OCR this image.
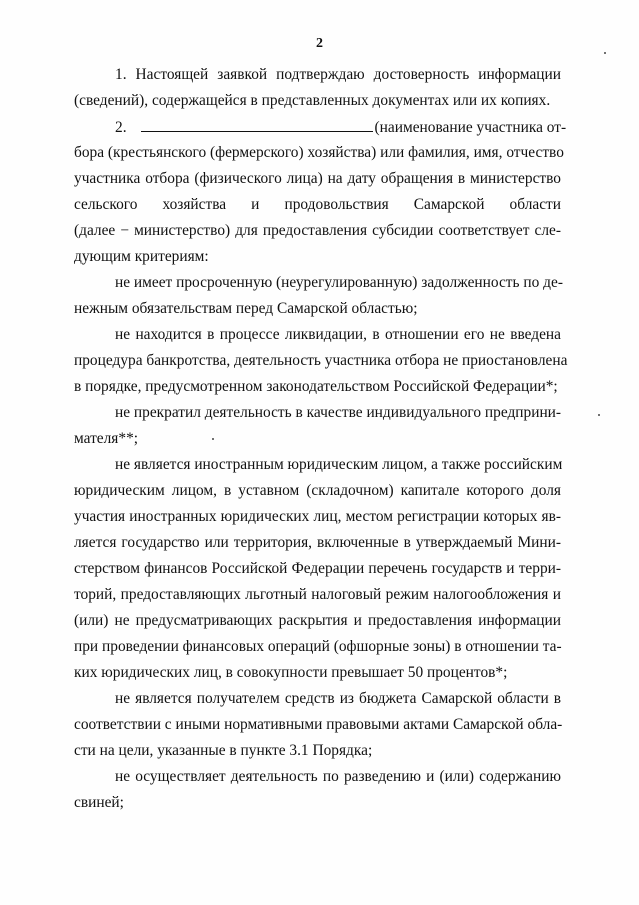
2
1. Настоящей заявкой подтверждаю достоверность информации
(сведений), содержащейся в представленных документах или их копиях.
2.	(наименование участника от-
бора (крестьянского (фермерского) хозяйства) или фамилия, имя, отчество
участника отбора (физического лица) на дату обращения в министерство
сельского хозяйства и продовольствия Самарской области
(далее − министерство) для предоставления субсидии соответствует сле-
дующим критериям:
не имеет просроченную (неурегулированную) задолженность по де-
нежным обязательствам перед Самарской областью;
не находится в процессе ликвидации, в отношении его не введена
процедура банкротства, деятельность участника отбора не приостановлена
в порядке, предусмотренном законодательством Российской Федерации*;
не прекратил деятельность в качестве индивидуального предприни-
мателя**;
не является иностранным юридическим лицом, а также российским
юридическим лицом, в уставном (складочном) капитале которого доля
участия иностранных юридических лиц, местом регистрации которых яв-
ляется государство или территория, включенные в утверждаемый Мини-
стерством финансов Российской Федерации перечень государств и терри-
торий, предоставляющих льготный налоговый режим налогообложения и
(или) не предусматривающих раскрытия и предоставления информации
при проведении финансовых операций (офшорные зоны) в отношении та-
ких юридических лиц, в совокупности превышает 50 процентов*;
не является получателем средств из бюджета Самарской области в
соответствии с иными нормативными правовыми актами Самарской обла-
сти на цели, указанные в пункте 3.1 Порядка;
не осуществляет деятельность по разведению и (или) содержанию
свиней;
